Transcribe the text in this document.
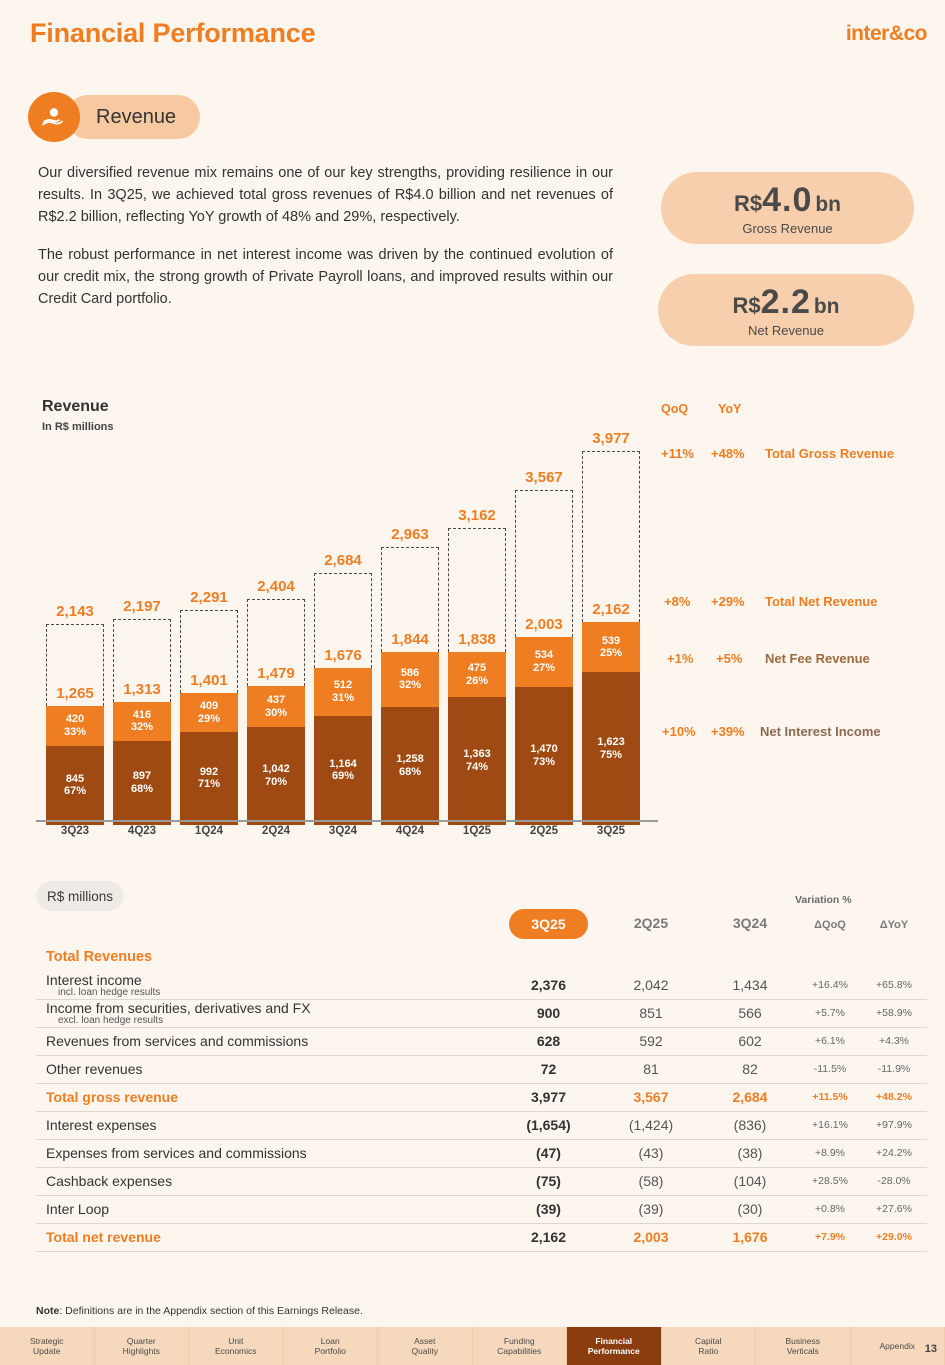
Financial Performance	inter&co
Revenue

Our diversified revenue mix remains one of our key strengths, providing resilience in our results. In 3Q25, we achieved total gross revenues of R$4.0 billion and net revenues of R$2.2 billion, reflecting YoY growth of 48% and 29%, respectively.

The robust performance in net interest income was driven by the continued evolution of our credit mix, the strong growth of Private Payroll loans, and improved results within our Credit Card portfolio.

R$ 4.0 bn
Gross Revenue
R$ 2.2 bn
Net Revenue
Revenue
In R$ millions
QoQ YoY
2,143
1,265
420
33%
845
67%
2,197
1,313
416
32%
897
68%
2,291
1,401
409
29%
992
71%
2,404
1,479
437
30%
1,042
70%
2,684
1,676
512
31%
1,164
69%
2,963
1,844
586
32%
1,258
68%
3,162
1,838
475
26%
1,363
74%
3,567
2,003
534
27%
1,470
73%
3,977
2,162
539
25%
1,623
75%
3Q23	4Q23	1Q24	2Q24	3Q24	4Q24	1Q25	2Q25	3Q25
+11% +48% Total Gross Revenue
+8% +29% Total Net Revenue
+1% +5% Net Fee Revenue
+10% +39% Net Interest Income
R$ millions	Variation %
	3Q25	2Q25	3Q24	ΔQoQ	ΔYoY
Total Revenues					
Interest income
incl. loan hedge results	2,376	2,042	1,434	+16.4%	+65.8%
Income from securities, derivatives and FX
excl. loan hedge results	900	851	566	+5.7%	+58.9%
Revenues from services and commissions	628	592	602	+6.1%	+4.3%
Other revenues	72	81	82	-11.5%	-11.9%
Total gross revenue	3,977	3,567	2,684	+11.5%	+48.2%
Interest expenses	(1,654)	(1,424)	(836)	+16.1%	+97.9%
Expenses from services and commissions	(47)	(43)	(38)	+8.9%	+24.2%
Cashback expenses	(75)	(58)	(104)	+28.5%	-28.0%
Inter Loop	(39)	(39)	(30)	+0.8%	+27.6%
Total net revenue	2,162	2,003	1,676	+7.9%	+29.0%
Note: Definitions are in the Appendix section of this Earnings Release.
Strategic
Update
Quarter
Highlights
Unit
Economics
Loan
Portfolio
Asset
Quality
Funding
Capabilities
Financial
Performance
Capital
Ratio
Business
Verticals
Appendix 13
